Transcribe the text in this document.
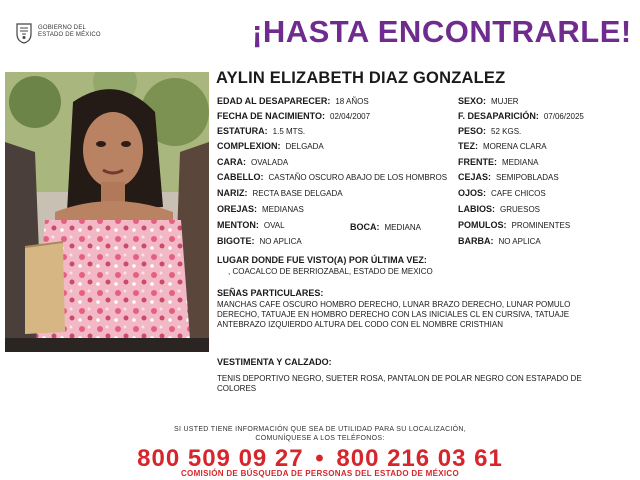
GOBIERNO DEL
ESTADO DE MÉXICO	¡HASTA ENCONTRARLE!
AYLIN ELIZABETH DIAZ GONZALEZ
EDAD AL DESAPARECER: 18 AÑOS	SEXO: MUJER
FECHA DE NACIMIENTO: 02/04/2007	F. DESAPARICIÓN: 07/06/2025
ESTATURA: 1.5 MTS.	PESO: 52 KGS.
COMPLEXION: DELGADA	TEZ: MORENA CLARA
CARA: OVALADA	FRENTE: MEDIANA
CABELLO: CASTAÑO OSCURO ABAJO DE LOS HOMBROS CEJAS: SEMIPOBLADAS
NARIZ: RECTA BASE DELGADA	OJOS: CAFE CHICOS
OREJAS: MEDIANAS	LABIOS: GRUESOS
MENTON: OVAL	BOCA: MEDIANA	POMULOS: PROMINENTES
BIGOTE: NO APLICA	BARBA: NO APLICA
LUGAR DONDE FUE VISTO(A) POR ÚLTIMA VEZ:
, COACALCO DE BERRIOZABAL, ESTADO DE MEXICO
SEÑAS PARTICULARES:
MANCHAS CAFE OSCURO HOMBRO DERECHO, LUNAR BRAZO DERECHO, LUNAR POMULO DERECHO, TATUAJE EN HOMBRO DERECHO CON LAS INICIALES CL EN CURSIVA, TATUAJE ANTEBRAZO IZQUIERDO ALTURA DEL CODO CON EL NOMBRE CRISTHIAN
VESTIMENTA Y CALZADO:
TENIS DEPORTIVO NEGRO, SUETER ROSA, PANTALON DE POLAR NEGRO CON ESTAPADO DE COLORES
SI USTED TIENE INFORMACIÓN QUE SEA DE UTILIDAD PARA SU LOCALIZACIÓN,
COMUNÍQUESE A LOS TELÉFONOS:
800 509 09 27 • 800 216 03 61
COMISIÓN DE BÚSQUEDA DE PERSONAS DEL ESTADO DE MÉXICO
